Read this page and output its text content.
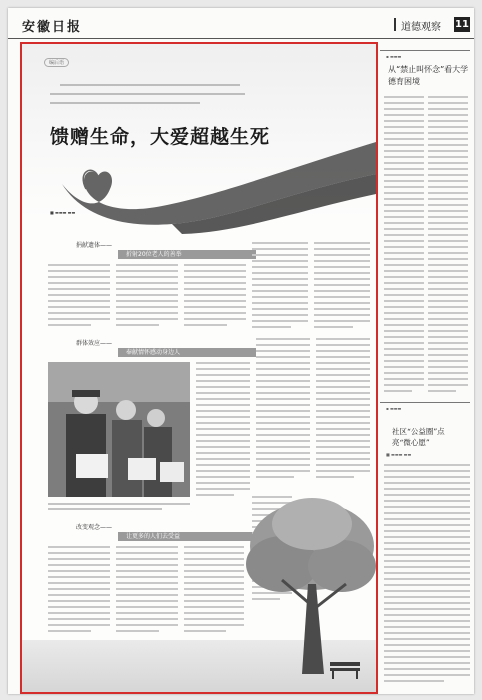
安徽日报	道德观察 11
编后语
馈赠生命，大爱超越生死
■ ▬▬▬ ▬▬
捐献遗体——
折射20位老人的善举
群体效应——
奉献情怀感动身边人
改变观念——
让更多的人们去受益
▪ ▬▬▬
从“禁止叫怀念”看大学德育困境
▪ ▬▬▬
社区“公益圈”点亮“微心愿”
■ ▬▬▬ ▬▬
